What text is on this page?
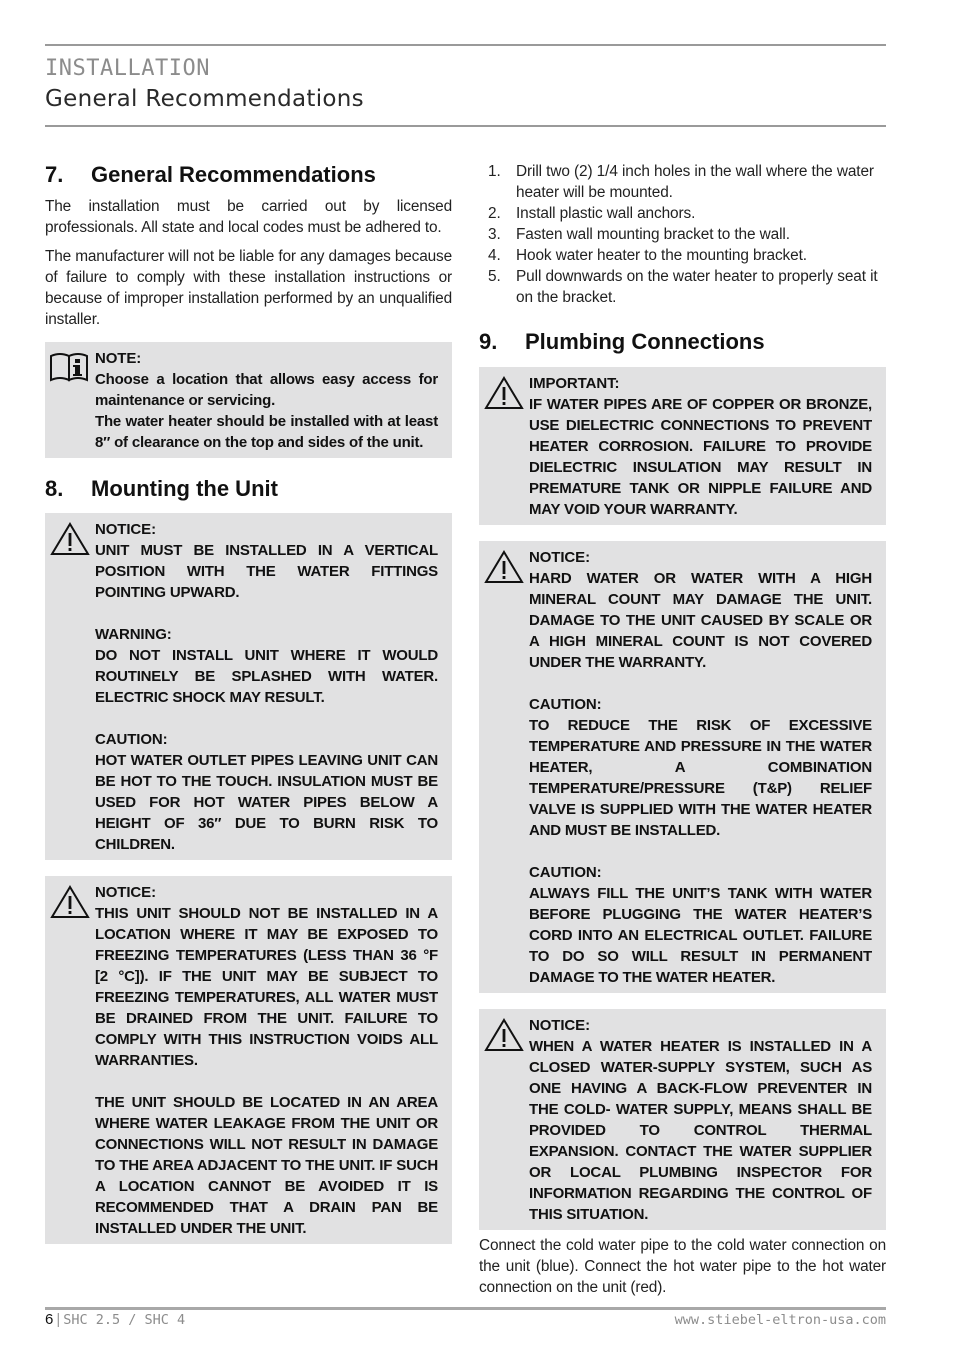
INSTALLATION
General Recommendations
7.	General Recommendations

The installation must be carried out by licensed professionals. All state and local codes must be adhered to.

The manufacturer will not be liable for any damages because of failure to comply with these installation instructions or because of improper installation performed by an unqualified installer.

NOTE:
Choose a location that allows easy access for maintenance or servicing.
The water heater should be installed with at least 8″ of clearance on the top and sides of the unit.
8.	Mounting the Unit
NOTICE:
UNIT MUST BE INSTALLED IN A VERTICAL POSITION WITH THE WATER FITTINGS POINTING UPWARD.
WARNING:
DO NOT INSTALL UNIT WHERE IT WOULD ROUTINELY BE SPLASHED WITH WATER. ELECTRIC SHOCK MAY RESULT.
CAUTION:
HOT WATER OUTLET PIPES LEAVING UNIT CAN BE HOT TO THE TOUCH. INSULATION MUST BE USED FOR HOT WATER PIPES BELOW A HEIGHT OF 36″ DUE TO BURN RISK TO CHILDREN.
NOTICE:
THIS UNIT SHOULD NOT BE INSTALLED IN A LOCATION WHERE IT MAY BE EXPOSED TO FREEZING TEMPERATURES (LESS THAN 36 °F [2 °C]). IF THE UNIT MAY BE SUBJECT TO FREEZING TEMPERATURES, ALL WATER MUST BE DRAINED FROM THE UNIT. FAILURE TO COMPLY WITH THIS INSTRUCTION VOIDS ALL WARRANTIES.
THE UNIT SHOULD BE LOCATED IN AN AREA WHERE WATER LEAKAGE FROM THE UNIT OR CONNECTIONS WILL NOT RESULT IN DAMAGE TO THE AREA ADJACENT TO THE UNIT. IF SUCH A LOCATION CANNOT BE AVOIDED IT IS RECOMMENDED THAT A DRAIN PAN BE INSTALLED UNDER THE UNIT.
1. Drill two (2) 1/4 inch holes in the wall where the water heater will be mounted.
2. Install plastic wall anchors.
3. Fasten wall mounting bracket to the wall.
4. Hook water heater to the mounting bracket.
5. Pull downwards on the water heater to properly seat it on the bracket.
9.	Plumbing Connections
IMPORTANT:
IF WATER PIPES ARE OF COPPER OR BRONZE, USE DIELECTRIC CONNECTIONS TO PREVENT HEATER CORROSION. FAILURE TO PROVIDE DIELECTRIC INSULATION MAY RESULT IN PREMATURE TANK OR NIPPLE FAILURE AND MAY VOID YOUR WARRANTY.
NOTICE:
HARD WATER OR WATER WITH A HIGH MINERAL COUNT MAY DAMAGE THE UNIT. DAMAGE TO THE UNIT CAUSED BY SCALE OR A HIGH MINERAL COUNT IS NOT COVERED UNDER THE WARRANTY.
CAUTION:
TO REDUCE THE RISK OF EXCESSIVE TEMPERATURE AND PRESSURE IN THE WATER HEATER, A COMBINATION TEMPERATURE/PRESSURE (T&P) RELIEF VALVE IS SUPPLIED WITH THE WATER HEATER AND MUST BE INSTALLED.
CAUTION:
ALWAYS FILL THE UNIT’S TANK WITH WATER BEFORE PLUGGING THE WATER HEATER’S CORD INTO AN ELECTRICAL OUTLET. FAILURE TO DO SO WILL RESULT IN PERMANENT DAMAGE TO THE WATER HEATER.
NOTICE:
WHEN A WATER HEATER IS INSTALLED IN A CLOSED WATER-SUPPLY SYSTEM, SUCH AS ONE HAVING A BACK-FLOW PREVENTER IN THE COLD- WATER SUPPLY, MEANS SHALL BE PROVIDED TO CONTROL THERMAL EXPANSION. CONTACT THE WATER SUPPLIER OR LOCAL PLUMBING INSPECTOR FOR INFORMATION REGARDING THE CONTROL OF THIS SITUATION.

Connect the cold water pipe to the cold water connection on the unit (blue). Connect the hot water pipe to the hot water connection on the unit (red).

6 | SHC 2.5 / SHC 4	www.stiebel-eltron-usa.com
